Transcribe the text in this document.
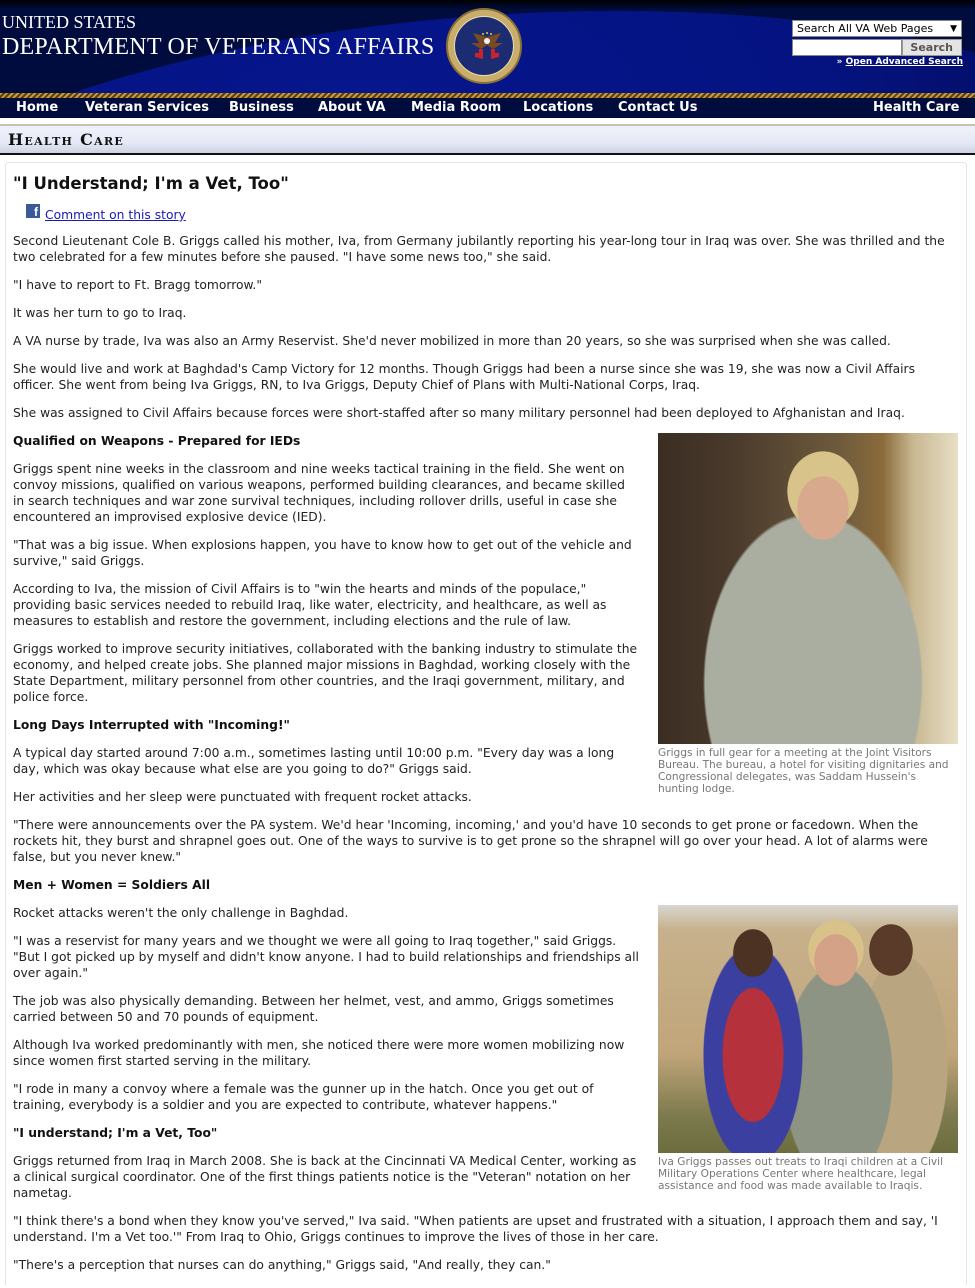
UNITED STATES
DEPARTMENT OF VETERANS AFFAIRS
Search All VA Web Pages ▼
Search
» Open Advanced Search
Home Veteran Services Business About VA Media Room Locations Contact Us	Health Care
Health Care
"I Understand; I'm a Vet, Too"
f Comment on this story

Second Lieutenant Cole B. Griggs called his mother, Iva, from Germany jubilantly reporting his year-long tour in Iraq was over. She was thrilled and the two celebrated for a few minutes before she paused. "I have some news too," she said.

"I have to report to Ft. Bragg tomorrow."

It was her turn to go to Iraq.

A VA nurse by trade, Iva was also an Army Reservist. She'd never mobilized in more than 20 years, so she was surprised when she was called.

She would live and work at Baghdad's Camp Victory for 12 months. Though Griggs had been a nurse since she was 19, she was now a Civil Affairs officer. She went from being Iva Griggs, RN, to Iva Griggs, Deputy Chief of Plans with Multi-National Corps, Iraq.

She was assigned to Civil Affairs because forces were short-staffed after so many military personnel had been deployed to Afghanistan and Iraq.

Griggs in full gear for a meeting at the Joint Visitors Bureau. The bureau, a hotel for visiting dignitaries and Congressional delegates, was Saddam Hussein's hunting lodge.
Qualified on Weapons - Prepared for IEDs

Griggs spent nine weeks in the classroom and nine weeks tactical training in the field. She went on convoy missions, qualified on various weapons, performed building clearances, and became skilled in search techniques and war zone survival techniques, including rollover drills, useful in case she encountered an improvised explosive device (IED).

"That was a big issue. When explosions happen, you have to know how to get out of the vehicle and survive," said Griggs.

According to Iva, the mission of Civil Affairs is to "win the hearts and minds of the populace," providing basic services needed to rebuild Iraq, like water, electricity, and healthcare, as well as measures to establish and restore the government, including elections and the rule of law.

Griggs worked to improve security initiatives, collaborated with the banking industry to stimulate the economy, and helped create jobs. She planned major missions in Baghdad, working closely with the State Department, military personnel from other countries, and the Iraqi government, military, and police force.

Long Days Interrupted with "Incoming!"

A typical day started around 7:00 a.m., sometimes lasting until 10:00 p.m. "Every day was a long day, which was okay because what else are you going to do?" Griggs said.

Her activities and her sleep were punctuated with frequent rocket attacks.

"There were announcements over the PA system. We'd hear 'Incoming, incoming,' and you'd have 10 seconds to get prone or facedown. When the rockets hit, they burst and shrapnel goes out. One of the ways to survive is to get prone so the shrapnel will go over your head. A lot of alarms were false, but you never knew."

Men + Women = Soldiers All
Iva Griggs passes out treats to Iraqi children at a Civil Military Operations Center where healthcare, legal assistance and food was made available to Iraqis.

Rocket attacks weren't the only challenge in Baghdad.

"I was a reservist for many years and we thought we were all going to Iraq together," said Griggs. "But I got picked up by myself and didn't know anyone. I had to build relationships and friendships all over again."

The job was also physically demanding. Between her helmet, vest, and ammo, Griggs sometimes carried between 50 and 70 pounds of equipment.

Although Iva worked predominantly with men, she noticed there were more women mobilizing now since women first started serving in the military.

"I rode in many a convoy where a female was the gunner up in the hatch. Once you get out of training, everybody is a soldier and you are expected to contribute, whatever happens."

"I understand; I'm a Vet, Too"

Griggs returned from Iraq in March 2008. She is back at the Cincinnati VA Medical Center, working as a clinical surgical coordinator. One of the first things patients notice is the "Veteran" notation on her nametag.

"I think there's a bond when they know you've served," Iva said. "When patients are upset and frustrated with a situation, I approach them and say, 'I understand. I'm a Vet too.'" From Iraq to Ohio, Griggs continues to improve the lives of those in her care.

"There's a perception that nurses can do anything," Griggs said, "And really, they can."
